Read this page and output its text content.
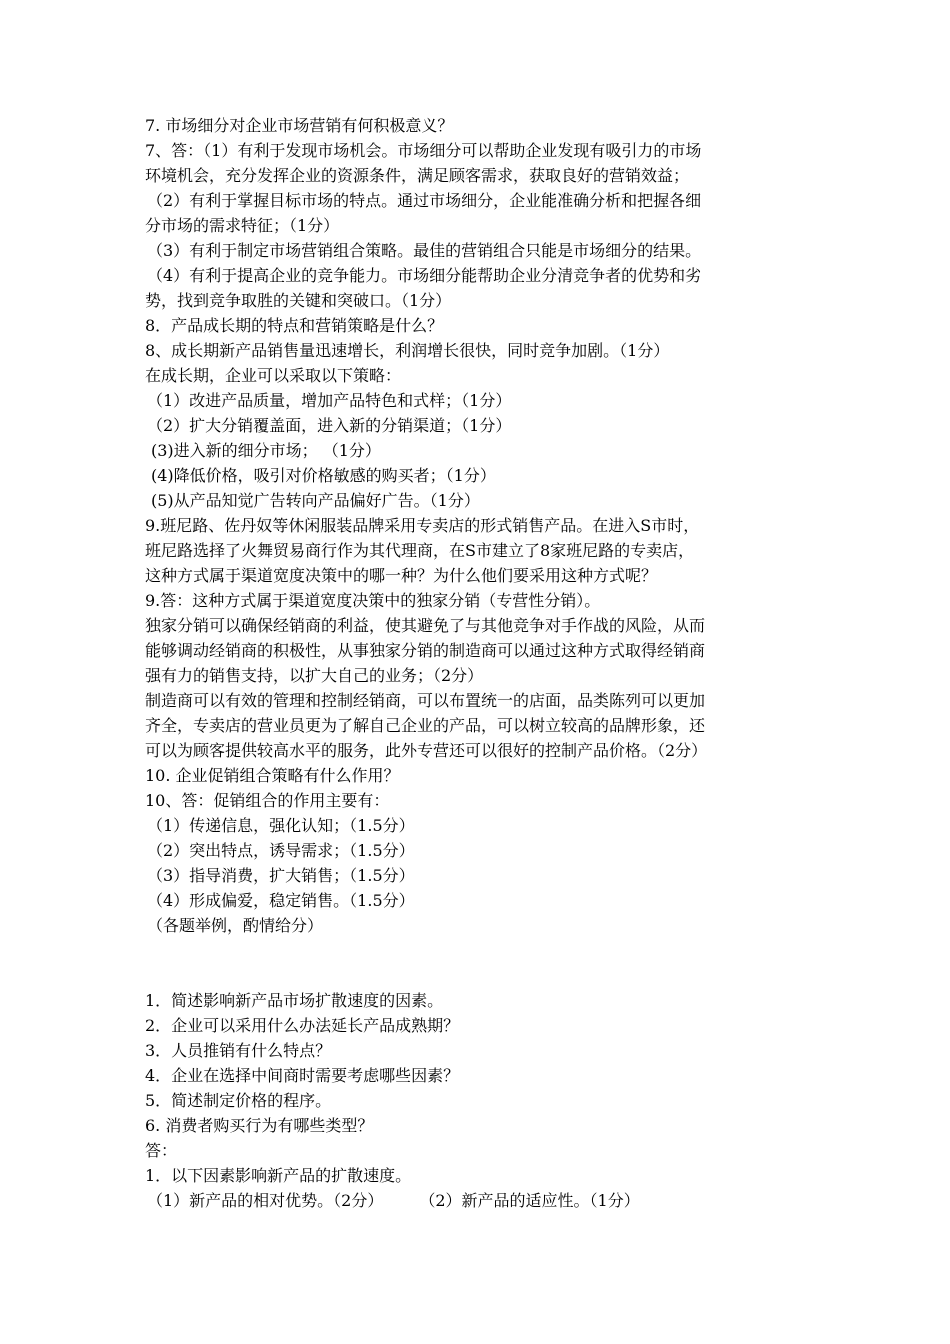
7. 市场细分对企业市场营销有何积极意义？
7、答：（1）有利于发现市场机会。市场细分可以帮助企业发现有吸引力的市场
环境机会，充分发挥企业的资源条件，满足顾客需求，获取良好的营销效益；
（2）有利于掌握目标市场的特点。通过市场细分，企业能准确分析和把握各细
分市场的需求特征；（1分）
（3）有利于制定市场营销组合策略。最佳的营销组合只能是市场细分的结果。
（4）有利于提高企业的竞争能力。市场细分能帮助企业分清竞争者的优势和劣
势，找到竞争取胜的关键和突破口。（1分）
8．产品成长期的特点和营销策略是什么？
8、成长期新产品销售量迅速增长，利润增长很快，同时竞争加剧。（1分）
在成长期，企业可以采取以下策略：
（1）改进产品质量，增加产品特色和式样；（1分）
（2）扩大分销覆盖面，进入新的分销渠道；（1分）
(3)进入新的细分市场； （1分）
(4)降低价格，吸引对价格敏感的购买者；（1分）
(5)从产品知觉广告转向产品偏好广告。（1分）
9.班尼路、佐丹奴等休闲服装品牌采用专卖店的形式销售产品。在进入S市时，
班尼路选择了火舞贸易商行作为其代理商，在S市建立了8家班尼路的专卖店，
这种方式属于渠道宽度决策中的哪一种？为什么他们要采用这种方式呢？
9.答：这种方式属于渠道宽度决策中的独家分销（专营性分销）。
独家分销可以确保经销商的利益，使其避免了与其他竞争对手作战的风险，从而
能够调动经销商的积极性，从事独家分销的制造商可以通过这种方式取得经销商
强有力的销售支持，以扩大自己的业务；（2分）
制造商可以有效的管理和控制经销商，可以布置统一的店面，品类陈列可以更加
齐全，专卖店的营业员更为了解自己企业的产品，可以树立较高的品牌形象，还
可以为顾客提供较高水平的服务，此外专营还可以很好的控制产品价格。（2分）
10. 企业促销组合策略有什么作用？
10、答：促销组合的作用主要有：
（1）传递信息，强化认知；（1.5分）
（2）突出特点，诱导需求；（1.5分）
（3）指导消费，扩大销售；（1.5分）
（4）形成偏爱，稳定销售。（1.5分）
（各题举例，酌情给分）
1．简述影响新产品市场扩散速度的因素。
2．企业可以采用什么办法延长产品成熟期？
3．人员推销有什么特点？
4．企业在选择中间商时需要考虑哪些因素？
5．简述制定价格的程序。
6. 消费者购买行为有哪些类型？
答：
1．以下因素影响新产品的扩散速度。
（1）新产品的相对优势。（2分） （2）新产品的适应性。（1分）
